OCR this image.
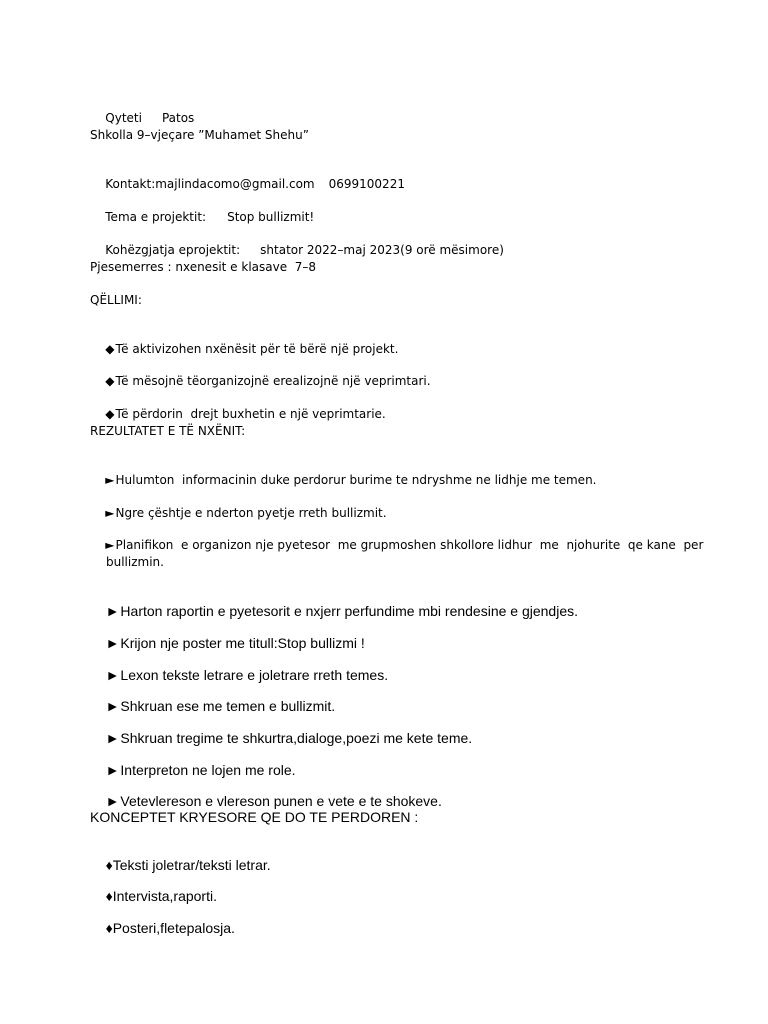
Qyteti Patos

Shkolla 9–vjeçare ”Muhamet Shehu”

Kontakt:majlindacomo@gmail.com 0699100221

Tema e projektit: Stop bullizmit!

Kohëzgjatja eprojektit: shtator 2022–maj 2023(9 orë mësimore)

Pjesemerres : nxenesit e klasave  7–8
QËLLIMI:

◆Të aktivizohen nxënësit për të bërë një projekt.

◆Të mësojnë tëorganizojnë erealizojnë një veprimtari.

◆Të përdorin  drejt buxhetin e një veprimtarie.

REZULTATET E TË NXËNIT:

►Hulumton  informacinin duke perdorur burime te ndryshme ne lidhje me temen.

►Ngre çështje e nderton pyetje rreth bullizmit.

►Planifikon  e organizon nje pyetesor  me grupmoshen shkollore lidhur  me  njohurite  qe kane  per

bullizmin.

►Harton raportin e pyetesorit e nxjerr perfundime mbi rendesine e gjendjes.

►Krijon nje poster me titull:Stop bullizmi !

►Lexon tekste letrare e joletrare rreth temes.

►Shkruan ese me temen e bullizmit.

►Shkruan tregime te shkurtra,dialoge,poezi me kete teme.

►Interpreton ne lojen me role.

►Vetevlereson e vlereson punen e vete e te shokeve.

KONCEPTET KRYESORE QE DO TE PERDOREN :

♦Teksti joletrar/teksti letrar.

♦Intervista,raporti.

♦Posteri,fletepalosja.
